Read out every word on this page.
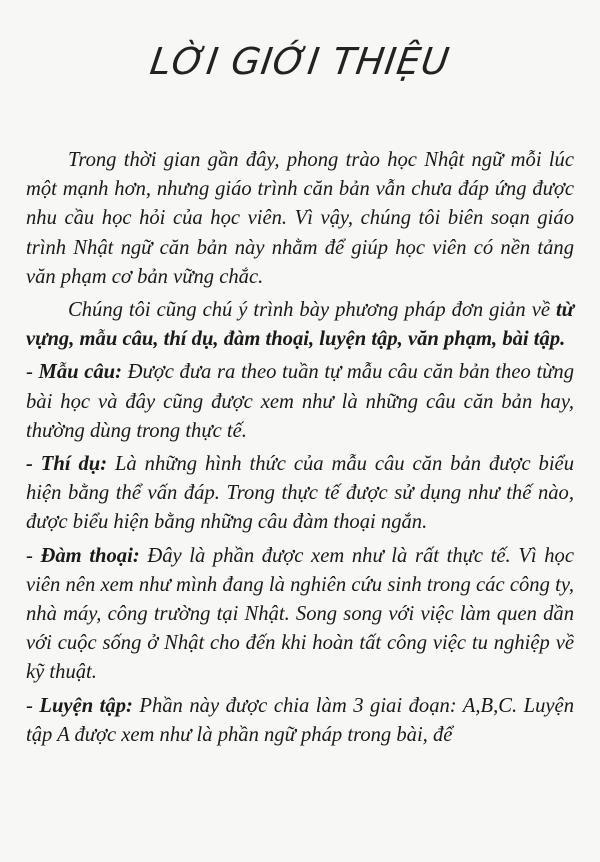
LỜI GIỚI THIỆU

Trong thời gian gần đây, phong trào học Nhật ngữ mỗi lúc một mạnh hơn, nhưng giáo trình căn bản vẫn chưa đáp ứng được nhu cầu học hỏi của học viên. Vì vậy, chúng tôi biên soạn giáo trình Nhật ngữ căn bản này nhằm để giúp học viên có nền tảng văn phạm cơ bản vững chắc.

Chúng tôi cũng chú ý trình bày phương pháp đơn giản về từ vựng, mẫu câu, thí dụ, đàm thoại, luyện tập, văn phạm, bài tập.

- Mẫu câu: Được đưa ra theo tuần tự mẫu câu căn bản theo từng bài học và đây cũng được xem như là những câu căn bản hay, thường dùng trong thực tế.

- Thí dụ: Là những hình thức của mẫu câu căn bản được biểu hiện bằng thể vấn đáp. Trong thực tế được sử dụng như thế nào, được biểu hiện bằng những câu đàm thoại ngắn.

- Đàm thoại: Đây là phần được xem như là rất thực tế. Vì học viên nên xem như mình đang là nghiên cứu sinh trong các công ty, nhà máy, công trường tại Nhật. Song song với việc làm quen dần với cuộc sống ở Nhật cho đến khi hoàn tất công việc tu nghiệp về kỹ thuật.

- Luyện tập: Phần này được chia làm 3 giai đoạn: A,B,C. Luyện tập A được xem như là phần ngữ pháp trong bài, để
